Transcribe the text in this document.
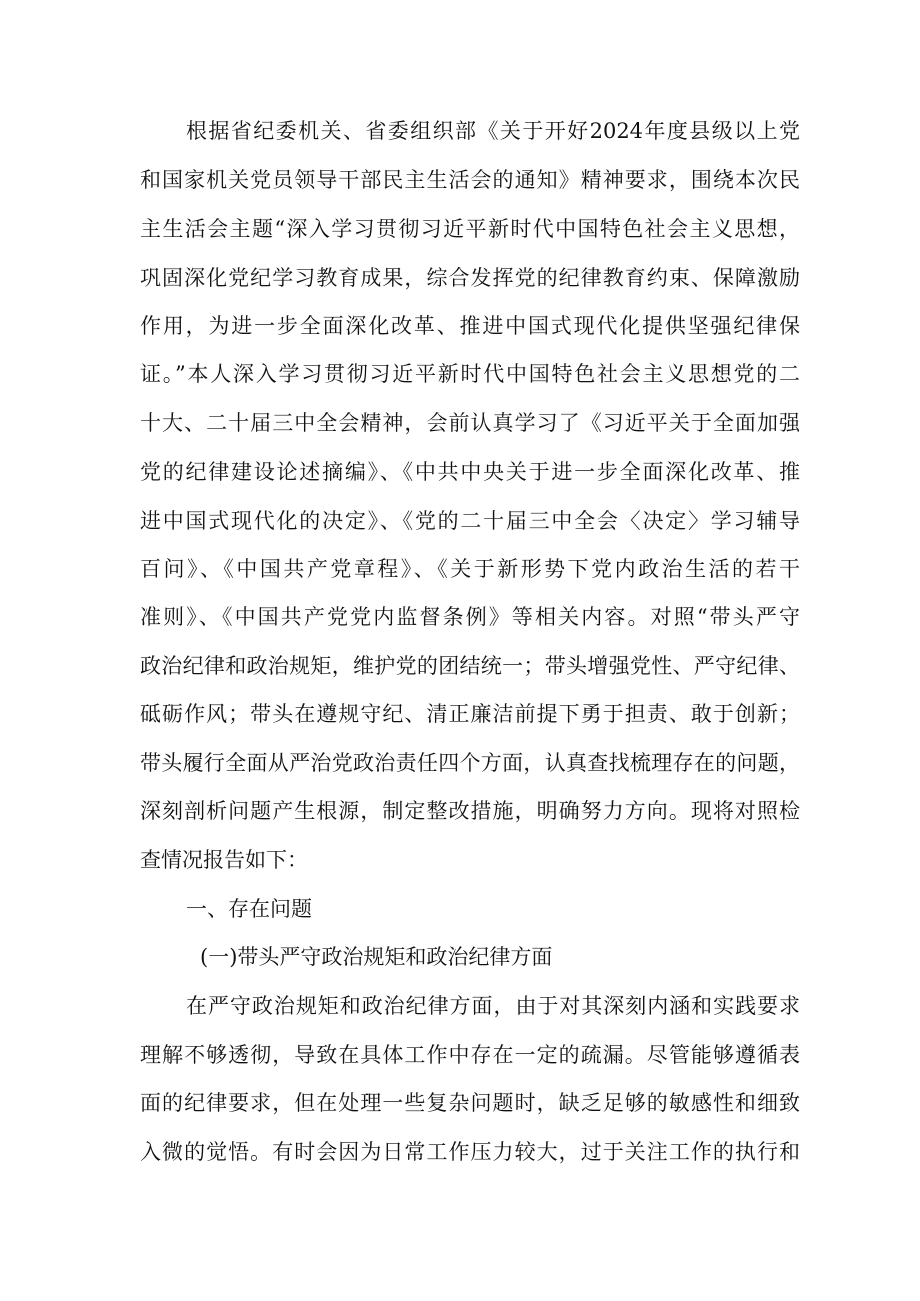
根据省纪委机关、省委组织部《关于开好2024年度县级以上党
和国家机关党员领导干部民主生活会的通知》精神要求，围绕本次民
主生活会主题“深入学习贯彻习近平新时代中国特色社会主义思想，
巩固深化党纪学习教育成果，综合发挥党的纪律教育约束、保障激励
作用，为进一步全面深化改革、推进中国式现代化提供坚强纪律保
证。”本人深入学习贯彻习近平新时代中国特色社会主义思想党的二
十大、二十届三中全会精神，会前认真学习了《习近平关于全面加强
党的纪律建设论述摘编》、《中共中央关于进一步全面深化改革、推
进中国式现代化的决定》、《党的二十届三中全会〈决定〉学习辅导
百问》、《中国共产党章程》、《关于新形势下党内政治生活的若干
准则》、《中国共产党党内监督条例》等相关内容。对照“带头严守
政治纪律和政治规矩，维护党的团结统一；带头增强党性、严守纪律、
砥砺作风；带头在遵规守纪、清正廉洁前提下勇于担责、敢于创新；
带头履行全面从严治党政治责任四个方面，认真查找梳理存在的问题，
深刻剖析问题产生根源，制定整改措施，明确努力方向。现将对照检
查情况报告如下：
一、存在问题
(一)带头严守政治规矩和政治纪律方面
在严守政治规矩和政治纪律方面，由于对其深刻内涵和实践要求
理解不够透彻，导致在具体工作中存在一定的疏漏。尽管能够遵循表
面的纪律要求，但在处理一些复杂问题时，缺乏足够的敏感性和细致
入微的觉悟。有时会因为日常工作压力较大，过于关注工作的执行和
